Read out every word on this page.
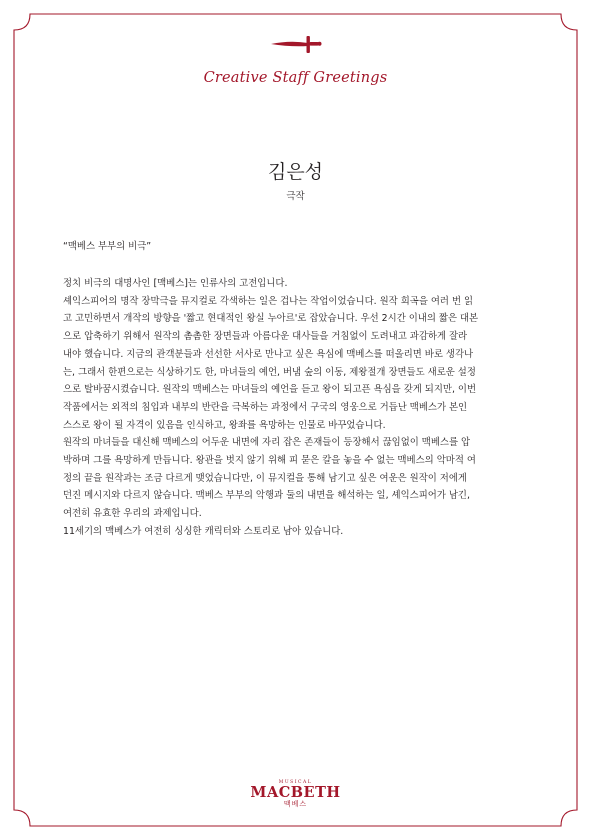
Creative Staff Greetings
김은성
극작
“맥베스 부부의 비극”

정치 비극의 대명사인 [맥베스]는 인류사의 고전입니다.

셰익스피어의 명작 장막극을 뮤지컬로 각색하는 일은 겁나는 작업이었습니다. 원작 희곡을 여러 번 읽

고 고민하면서 개작의 방향을 '짧고 현대적인 왕실 누아르'로 잡았습니다. 우선 2시간 이내의 짧은 대본

으로 압축하기 위해서 원작의 촘촘한 장면들과 아름다운 대사들을 거침없이 도려내고 과감하게 잘라

내야 했습니다. 지금의 관객분들과 선선한 서사로 만나고 싶은 욕심에 맥베스를 떠올리면 바로 생각나

는, 그래서 한편으로는 식상하기도 한, 마녀들의 예언, 버냄 숲의 이동, 제왕절개 장면들도 새로운 설정

으로 탈바꿈시켰습니다. 원작의 맥베스는 마녀들의 예언을 듣고 왕이 되고픈 욕심을 갖게 되지만, 이번

작품에서는 외적의 침입과 내부의 반란을 극복하는 과정에서 구국의 영웅으로 거듭난 맥베스가 본인

스스로 왕이 될 자격이 있음을 인식하고, 왕좌를 욕망하는 인물로 바꾸었습니다.

원작의 마녀들을 대신해 맥베스의 어두운 내면에 자리 잡은 존재들이 등장해서 끊임없이 맥베스를 압

박하며 그를 욕망하게 만듭니다. 왕관을 벗지 않기 위해 피 묻은 칼을 놓을 수 없는 맥베스의 악마적 여

정의 끝을 원작과는 조금 다르게 맺었습니다만, 이 뮤지컬을 통해 남기고 싶은 여운은 원작이 저에게

던진 메시지와 다르지 않습니다. 맥베스 부부의 악행과 둘의 내면을 해석하는 일, 셰익스피어가 남긴,

여전히 유효한 우리의 과제입니다.

11세기의 맥베스가 여전히 싱싱한 캐릭터와 스토리로 남아 있습니다.

MUSICAL
MACBETH
맥베스
